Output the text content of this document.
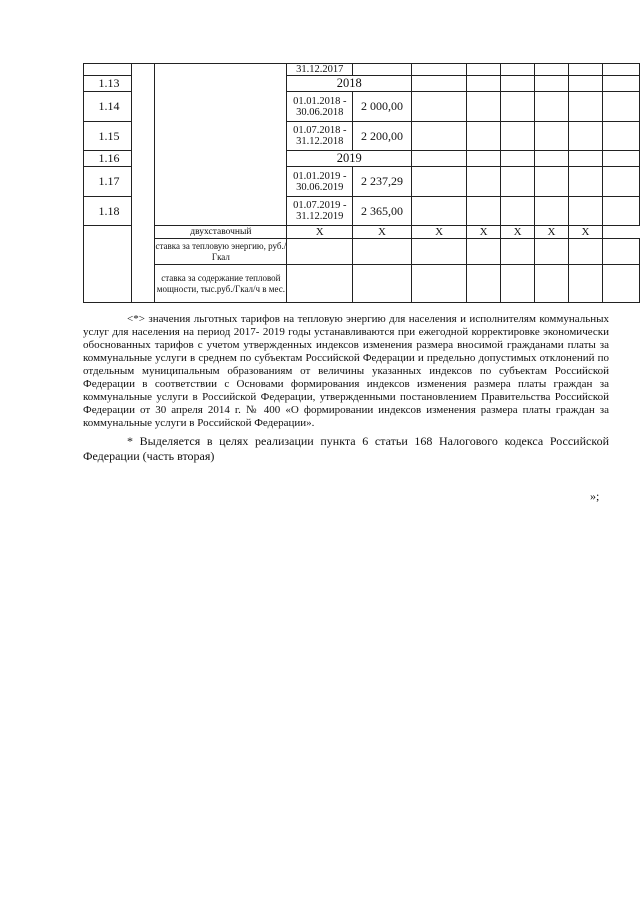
			31.12.2017							
1.13			2018							
1.14			01.01.2018 - 30.06.2018	2 000,00						
1.15			01.07.2018 - 31.12.2018	2 200,00						
1.16			2019							
1.17			01.01.2019 - 30.06.2019	2 237,29						
1.18			01.07.2019 - 31.12.2019	2 365,00						
		двухставочный	X	X	X	X	X	X	X	
		ставка за тепловую энергию, руб./Гкал								
		ставка за содержание тепловой мощности, тыс.руб./Гкал/ч в мес.								

<*> значения льготных тарифов на тепловую энергию для населения и исполнителям коммунальных услуг для населения на период 2017- 2019 годы устанавливаются при ежегодной корректировке экономически обоснованных тарифов с учетом утвержденных индексов изменения размера вносимой гражданами платы за коммунальные услуги в среднем по субъектам Российской Федерации и предельно допустимых отклонений по отдельным муниципальным образованиям от величины указанных индексов по субъектам Российской Федерации в соответствии с Основами формирования индексов изменения размера платы граждан за коммунальные услуги в Российской Федерации, утвержденными постановлением Правительства Российской Федерации от 30 апреля 2014 г. № 400 «О формировании индексов изменения размера платы граждан за коммунальные услуги в Российской Федерации».

* Выделяется в целях реализации пункта 6 статьи 168 Налогового кодекса Российской Федерации (часть вторая)

»;
